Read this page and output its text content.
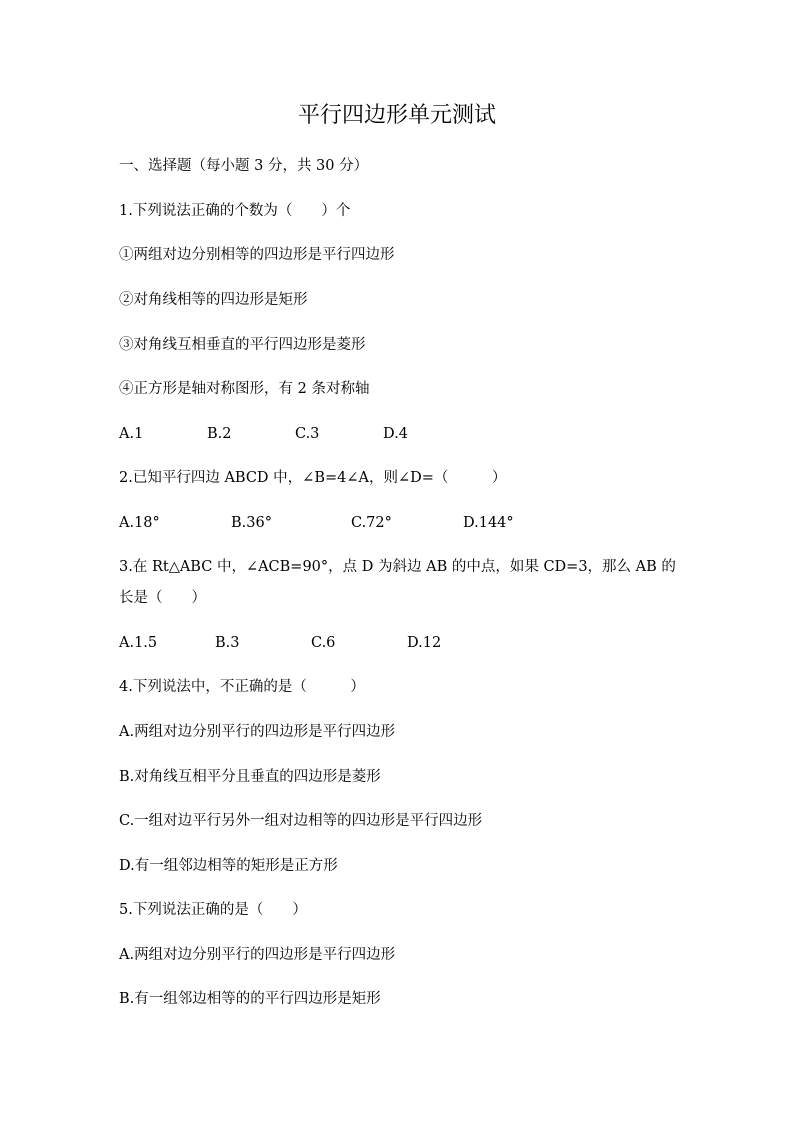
平行四边形单元测试
一、选择题（每小题 3 分，共 30 分）
1.下列说法正确的个数为（　　）个
①两组对边分别相等的四边形是平行四边形
②对角线相等的四边形是矩形
③对角线互相垂直的平行四边形是菱形
④正方形是轴对称图形，有 2 条对称轴
A.1	B.2	C.3	D.4
2.已知平行四边 ABCD 中，∠B=4∠A，则∠D=（　　　）
A.18°	B.36°	C.72°	D.144°
3.在 Rt△ABC 中，∠ACB=90°，点 D 为斜边 AB 的中点，如果 CD=3，那么 AB 的
长是（　　）
A.1.5	B.3	C.6	D.12
4.下列说法中，不正确的是（　　　）
A.两组对边分别平行的四边形是平行四边形
B.对角线互相平分且垂直的四边形是菱形
C.一组对边平行另外一组对边相等的四边形是平行四边形
D.有一组邻边相等的矩形是正方形
5.下列说法正确的是（　　）
A.两组对边分别平行的四边形是平行四边形
B.有一组邻边相等的的平行四边形是矩形
